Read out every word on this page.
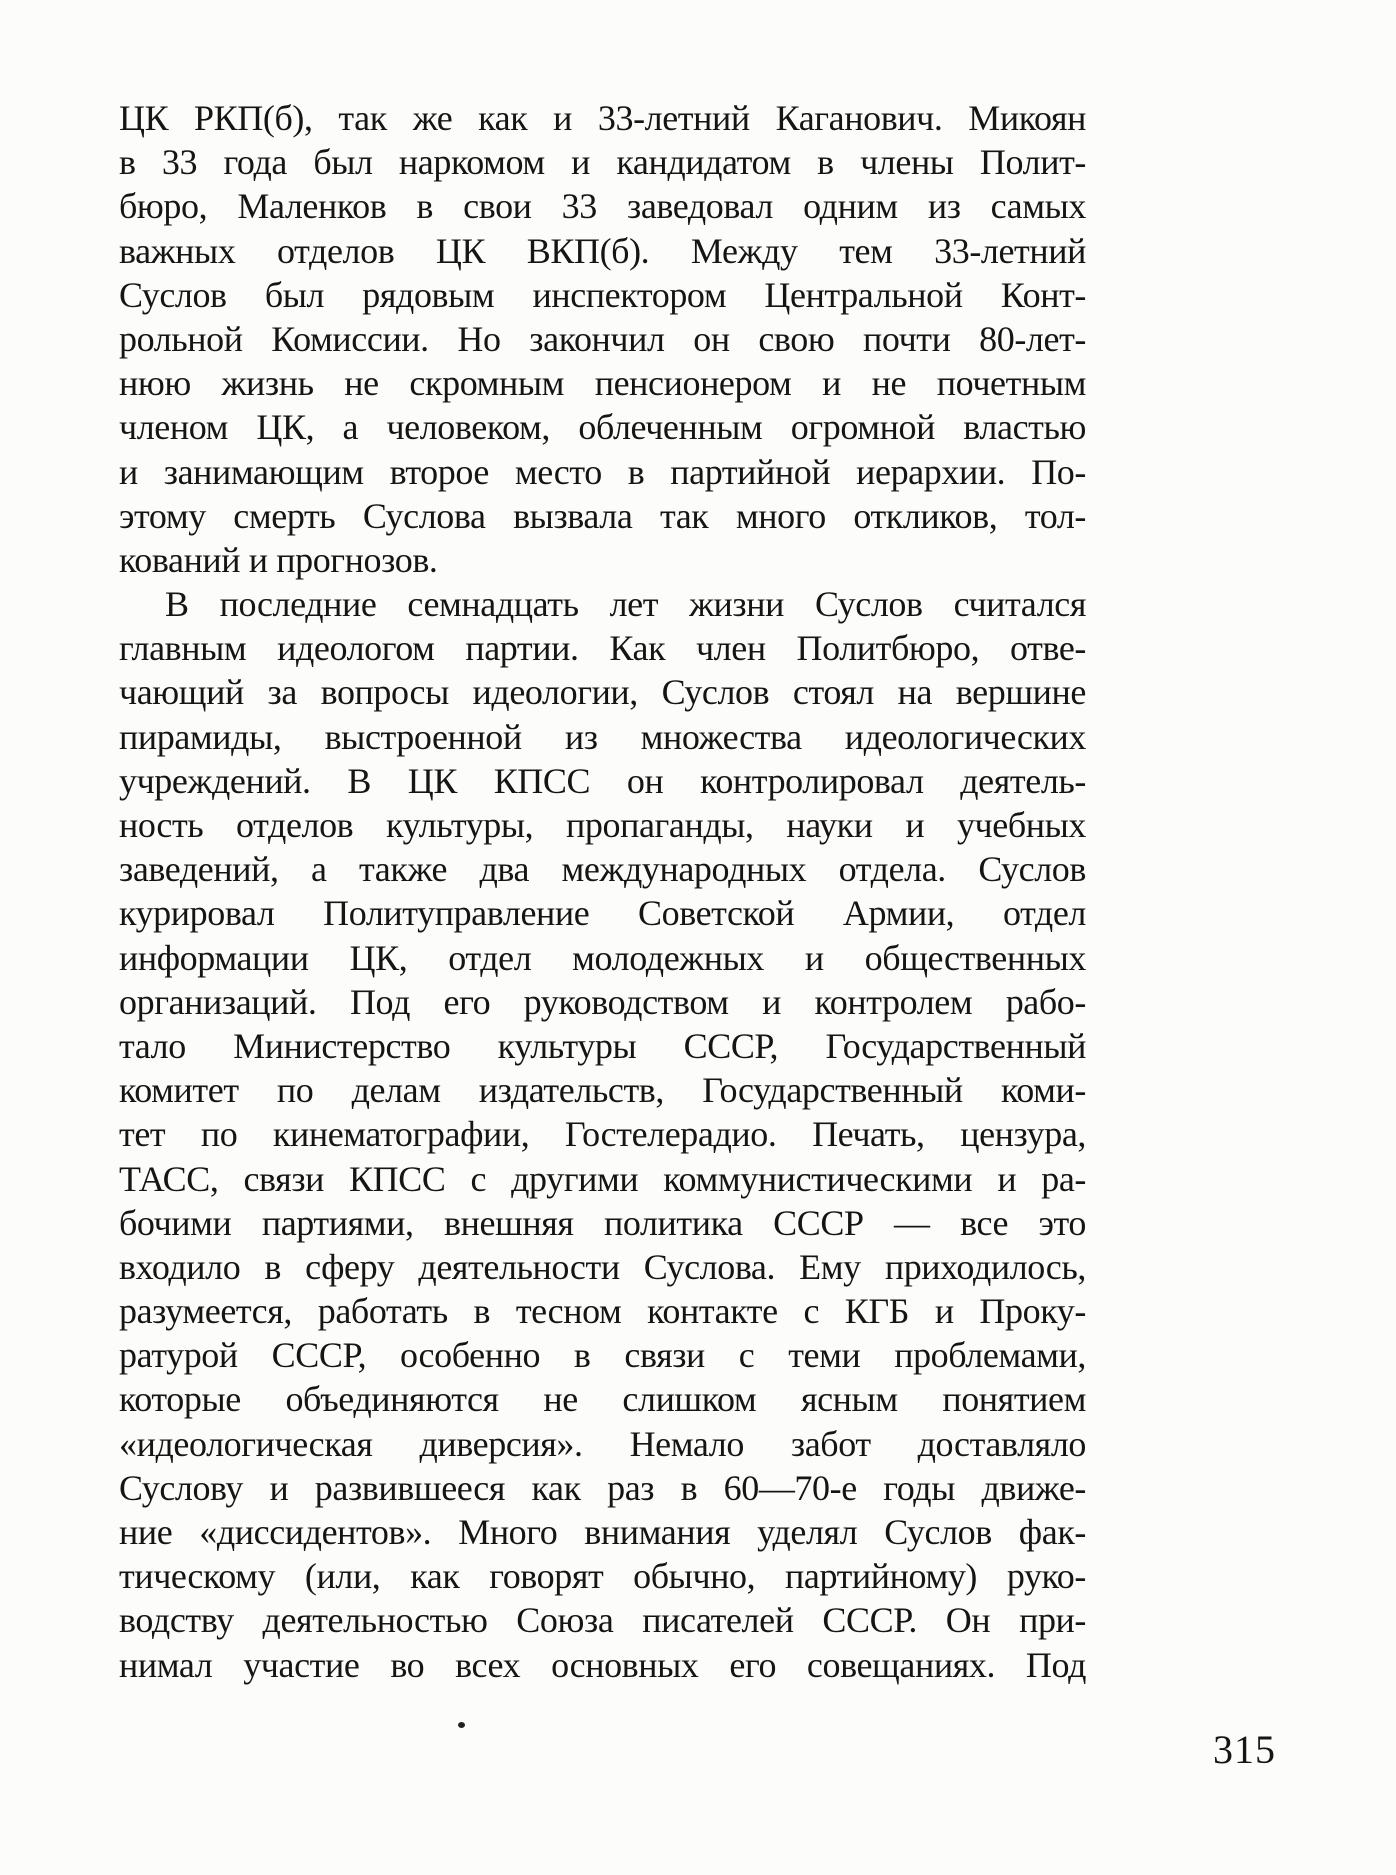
ЦК РКП(б), так же как и 33-летний Каганович. Микоян
в 33 года был наркомом и кандидатом в члены Полит-
бюро, Маленков в свои 33 заведовал одним из самых
важных отделов ЦК ВКП(б). Между тем 33-летний
Суслов был рядовым инспектором Центральной Конт-
рольной Комиссии. Но закончил он свою почти 80-лет-
нюю жизнь не скромным пенсионером и не почетным
членом ЦК, а человеком, облеченным огромной властью
и занимающим второе место в партийной иерархии. По-
этому смерть Суслова вызвала так много откликов, тол-
кований и прогнозов.
В последние семнадцать лет жизни Суслов считался
главным идеологом партии. Как член Политбюро, отве-
чающий за вопросы идеологии, Суслов стоял на вершине
пирамиды, выстроенной из множества идеологических
учреждений. В ЦК КПСС он контролировал деятель-
ность отделов культуры, пропаганды, науки и учебных
заведений, а также два международных отдела. Суслов
курировал Политуправление Советской Армии, отдел
информации ЦК, отдел молодежных и общественных
организаций. Под его руководством и контролем рабо-
тало Министерство культуры СССР, Государственный
комитет по делам издательств, Государственный коми-
тет по кинематографии, Гостелерадио. Печать, цензура,
ТАСС, связи КПСС с другими коммунистическими и ра-
бочими партиями, внешняя политика СССР — все это
входило в сферу деятельности Суслова. Ему приходилось,
разумеется, работать в тесном контакте с КГБ и Проку-
ратурой СССР, особенно в связи с теми проблемами,
которые объединяются не слишком ясным понятием
«идеологическая диверсия». Немало забот доставляло
Суслову и развившееся как раз в 60—70-е годы движе-
ние «диссидентов». Много внимания уделял Суслов фак-
тическому (или, как говорят обычно, партийному) руко-
водству деятельностью Союза писателей СССР. Он при-
нимал участие во всех основных его совещаниях. Под
315
